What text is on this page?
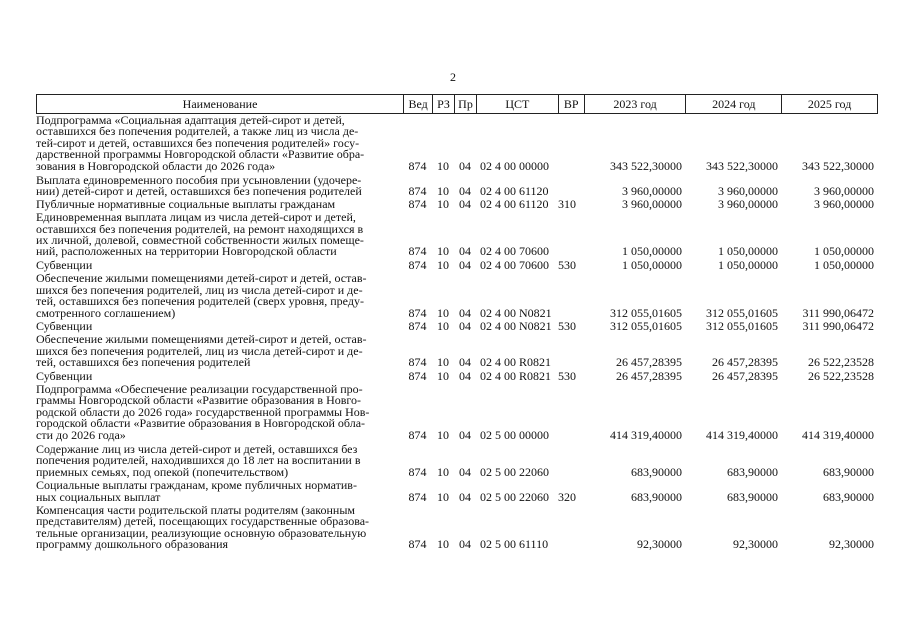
2
Наименование	Вед РЗ Пр	ЦСТ	ВР	2023 год	2024 год	2025 год
Подпрограмма «Социальная адаптация детей-сирот и детей,
оставшихся без попечения родителей, а также лиц из числа де-
тей-сирот и детей, оставшихся без попечения родителей» госу-
дарственной программы Новгородской области «Развитие обра-
зования в Новгородской области до 2026 года»	874 10 04 02 4 00 00000	343 522,30000	343 522,30000	343 522,30000
Выплата единовременного пособия при усыновлении (удочере-
нии) детей-сирот и детей, оставшихся без попечения родителей	874 10 04 02 4 00 61120	3 960,00000	3 960,00000	3 960,00000
Публичные нормативные социальные выплаты гражданам	874 10 04 02 4 00 61120 310	3 960,00000	3 960,00000	3 960,00000
Единовременная выплата лицам из числа детей-сирот и детей,
оставшихся без попечения родителей, на ремонт находящихся в
их личной, долевой, совместной собственности жилых помеще-
ний, расположенных на территории Новгородской области	874 10 04 02 4 00 70600	1 050,00000	1 050,00000	1 050,00000
Субвенции	874 10 04 02 4 00 70600 530	1 050,00000	1 050,00000	1 050,00000
Обеспечение жилыми помещениями детей-сирот и детей, остав-
шихся без попечения родителей, лиц из числа детей-сирот и де-
тей, оставшихся без попечения родителей (сверх уровня, преду-
смотренного соглашением)	874 10 04 02 4 00 N0821	312 055,01605	312 055,01605	311 990,06472
Субвенции	874 10 04 02 4 00 N0821 530	312 055,01605	312 055,01605	311 990,06472
Обеспечение жилыми помещениями детей-сирот и детей, остав-
шихся без попечения родителей, лиц из числа детей-сирот и де-
тей, оставшихся без попечения родителей	874 10 04 02 4 00 R0821	26 457,28395	26 457,28395	26 522,23528
Субвенции	874 10 04 02 4 00 R0821 530	26 457,28395	26 457,28395	26 522,23528
Подпрограмма «Обеспечение реализации государственной про-
граммы Новгородской области «Развитие образования в Новго-
родской области до 2026 года» государственной программы Нов-
городской области «Развитие образования в Новгородской обла-
сти до 2026 года»	874 10 04 02 5 00 00000	414 319,40000	414 319,40000	414 319,40000
Содержание лиц из числа детей-сирот и детей, оставшихся без
попечения родителей, находившихся до 18 лет на воспитании в
приемных семьях, под опекой (попечительством)	874 10 04 02 5 00 22060	683,90000	683,90000	683,90000
Социальные выплаты гражданам, кроме публичных норматив-
ных социальных выплат	874 10 04 02 5 00 22060 320	683,90000	683,90000	683,90000
Компенсация части родительской платы родителям (законным
представителям) детей, посещающих государственные образова-
тельные организации, реализующие основную образовательную
программу дошкольного образования	874 10 04 02 5 00 61110	92,30000	92,30000	92,30000
